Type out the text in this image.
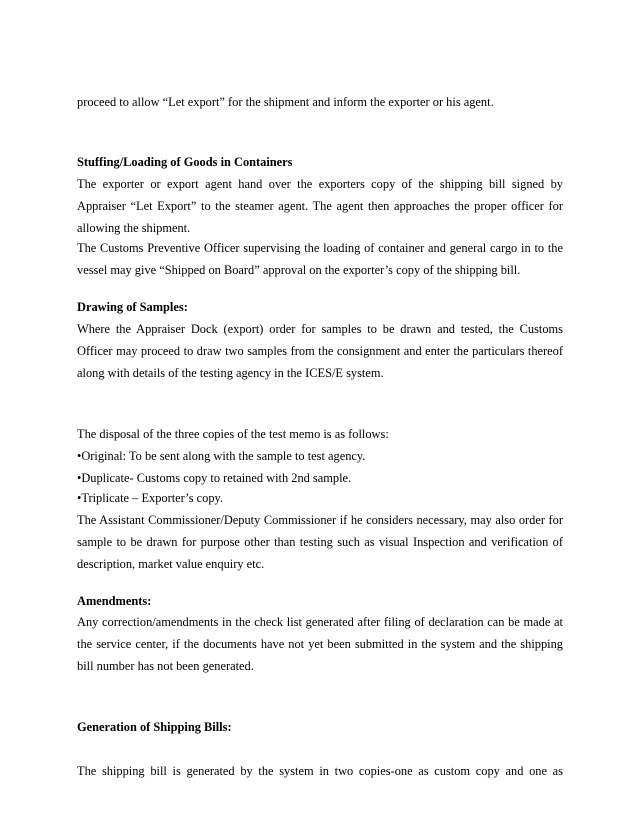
proceed to allow “Let export” for the shipment and inform the exporter or his agent.
Stuffing/Loading of Goods in Containers
The exporter or export agent hand over the exporters copy of the shipping bill signed by
Appraiser “Let Export” to the steamer agent. The agent then approaches the proper officer for
allowing the shipment.
The Customs Preventive Officer supervising the loading of container and general cargo in to the
vessel may give “Shipped on Board” approval on the exporter’s copy of the shipping bill.
Drawing of Samples:
Where the Appraiser Dock (export) order for samples to be drawn and tested, the Customs
Officer may proceed to draw two samples from the consignment and enter the particulars thereof
along with details of the testing agency in the ICES/E system.
The disposal of the three copies of the test memo is as follows:
•Original: To be sent along with the sample to test agency.
•Duplicate- Customs copy to retained with 2nd sample.
•Triplicate – Exporter’s copy.
The Assistant Commissioner/Deputy Commissioner if he considers necessary, may also order for
sample to be drawn for purpose other than testing such as visual Inspection and verification of
description, market value enquiry etc.
Amendments:
Any correction/amendments in the check list generated after filing of declaration can be made at
the service center, if the documents have not yet been submitted in the system and the shipping
bill number has not been generated.
Generation of Shipping Bills:
The shipping bill is generated by the system in two copies-one as custom copy and one as
